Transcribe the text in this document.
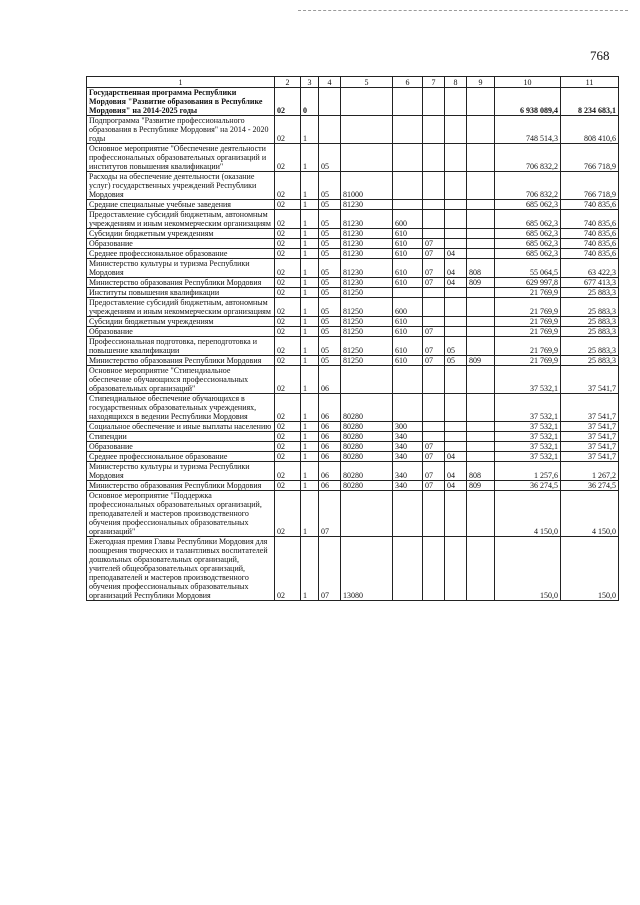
768
1	2	3	4	5	6	7	8	9	10	11
Государственная программа Республики Мордовия "Развитие образования в Республике Мордовия" на 2014-2025 годы	02	0							6 938 089,4	8 234 683,1
Подпрограмма "Развитие профессионального образования в Республике Мордовия" на 2014 - 2020 годы	02	1							748 514,3	808 410,6
Основное мероприятие "Обеспечение деятельности профессиональных образовательных организаций и институтов повышения квалификации"	02	1	05						706 832,2	766 718,9
Расходы на обеспечение деятельности (оказание услуг) государственных учреждений Республики Мордовия	02	1	05	81000					706 832,2	766 718,9
Средние специальные учебные заведения	02	1	05	81230					685 062,3	740 835,6
Предоставление субсидий бюджетным, автономным учреждениям и иным некоммерческим организациям	02	1	05	81230	600				685 062,3	740 835,6
Субсидии бюджетным учреждениям	02	1	05	81230	610				685 062,3	740 835,6
Образование	02	1	05	81230	610	07			685 062,3	740 835,6
Среднее профессиональное образование	02	1	05	81230	610	07	04		685 062,3	740 835,6
Министерство культуры и туризма Республики Мордовия	02	1	05	81230	610	07	04	808	55 064,5	63 422,3
Министерство образования Республики Мордовия	02	1	05	81230	610	07	04	809	629 997,8	677 413,3
Институты повышения квалификации	02	1	05	81250					21 769,9	25 883,3
Предоставление субсидий бюджетным, автономным учреждениям и иным некоммерческим организациям	02	1	05	81250	600				21 769,9	25 883,3
Субсидии бюджетным учреждениям	02	1	05	81250	610				21 769,9	25 883,3
Образование	02	1	05	81250	610	07			21 769,9	25 883,3
Профессиональная подготовка, переподготовка и повышение квалификации	02	1	05	81250	610	07	05		21 769,9	25 883,3
Министерство образования Республики Мордовия	02	1	05	81250	610	07	05	809	21 769,9	25 883,3
Основное мероприятие "Стипендиальное обеспечение обучающихся профессиональных образовательных организаций"	02	1	06						37 532,1	37 541,7
Стипендиальное обеспечение обучающихся в государственных образовательных учреждениях, находящихся в ведении Республики Мордовия	02	1	06	80280					37 532,1	37 541,7
Социальное обеспечение и иные выплаты населению	02	1	06	80280	300				37 532,1	37 541,7
Стипендии	02	1	06	80280	340				37 532,1	37 541,7
Образование	02	1	06	80280	340	07			37 532,1	37 541,7
Среднее профессиональное образование	02	1	06	80280	340	07	04		37 532,1	37 541,7
Министерство культуры и туризма Республики Мордовия	02	1	06	80280	340	07	04	808	1 257,6	1 267,2
Министерство образования Республики Мордовия	02	1	06	80280	340	07	04	809	36 274,5	36 274,5
Основное мероприятие "Поддержка профессиональных образовательных организаций, преподавателей и мастеров производственного обучения профессиональных образовательных организаций"	02	1	07						4 150,0	4 150,0
Ежегодная премия Главы Республики Мордовия для поощрения творческих и талантливых воспитателей дошкольных образовательных организаций, учителей общеобразовательных организаций, преподавателей и мастеров производственного обучения профессиональных образовательных организаций Республики Мордовия	02	1	07	13080					150,0	150,0
